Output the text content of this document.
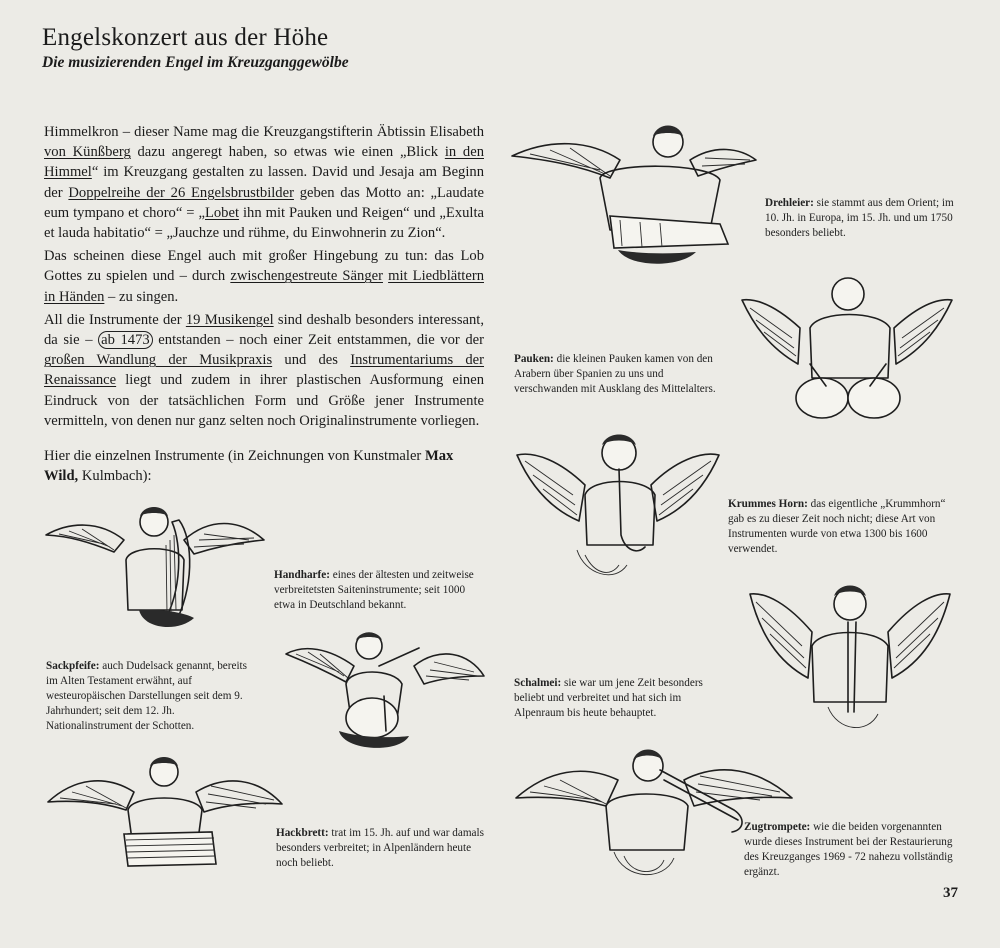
Engelskonzert aus der Höhe
Die musizierenden Engel im Kreuzganggewölbe

Himmelkron – dieser Name mag die Kreuzgangstifterin Äbtissin Elisabeth von Künßberg dazu angeregt haben, so etwas wie einen „Blick in den Himmel“ im Kreuzgang gestalten zu lassen. David und Jesaja am Beginn der Doppelreihe der 26 Engelsbrustbilder geben das Motto an: „Laudate eum tympano et choro“ = „Lobet ihn mit Pauken und Reigen“ und „Exulta et lauda habitatio“ = „Jauchze und rühme, du Einwohnerin zu Zion“.

Das scheinen diese Engel auch mit großer Hingebung zu tun: das Lob Gottes zu spielen und – durch zwischengestreute Sänger mit Liedblättern in Händen – zu singen.

All die Instrumente der 19 Musikengel sind deshalb besonders interessant, da sie – ab 1473 entstanden – noch einer Zeit entstammen, die vor der großen Wandlung der Musikpraxis und des Instrumentariums der Renaissance liegt und zudem in ihrer plastischen Ausformung einen Eindruck von der tatsächlichen Form und Größe jener Instrumente vermitteln, von denen nur ganz selten noch Originalinstrumente vorliegen.

Hier die einzelnen Instrumente (in Zeichnungen von Kunstmaler Max Wild, Kulmbach):
Handharfe: eines der ältesten und zeitweise verbreitetsten Saiteninstrumente; seit 1000 etwa in Deutschland bekannt.
Sackpfeife: auch Dudelsack genannt, bereits im Alten Testament erwähnt, auf westeuropäischen Darstellungen seit dem 9. Jahrhundert; seit dem 12. Jh. Nationalinstrument der Schotten.
Hackbrett: trat im 15. Jh. auf und war damals besonders verbreitet; in Alpenländern heute noch beliebt.
Drehleier: sie stammt aus dem Orient; im 10. Jh. in Europa, im 15. Jh. und um 1750 besonders beliebt.
Pauken: die kleinen Pauken kamen von den Arabern über Spanien zu uns und verschwanden mit Ausklang des Mittelalters.
Krummes Horn: das eigentliche „Krummhorn“ gab es zu dieser Zeit noch nicht; diese Art von Instrumenten wurde von etwa 1300 bis 1600 verwendet.
Schalmei: sie war um jene Zeit besonders beliebt und verbreitet und hat sich im Alpenraum bis heute behauptet.
Zugtrompete: wie die beiden vorgenannten wurde dieses Instrument bei der Restaurierung des Kreuzganges 1969 - 72 nahezu vollständig ergänzt.
37
